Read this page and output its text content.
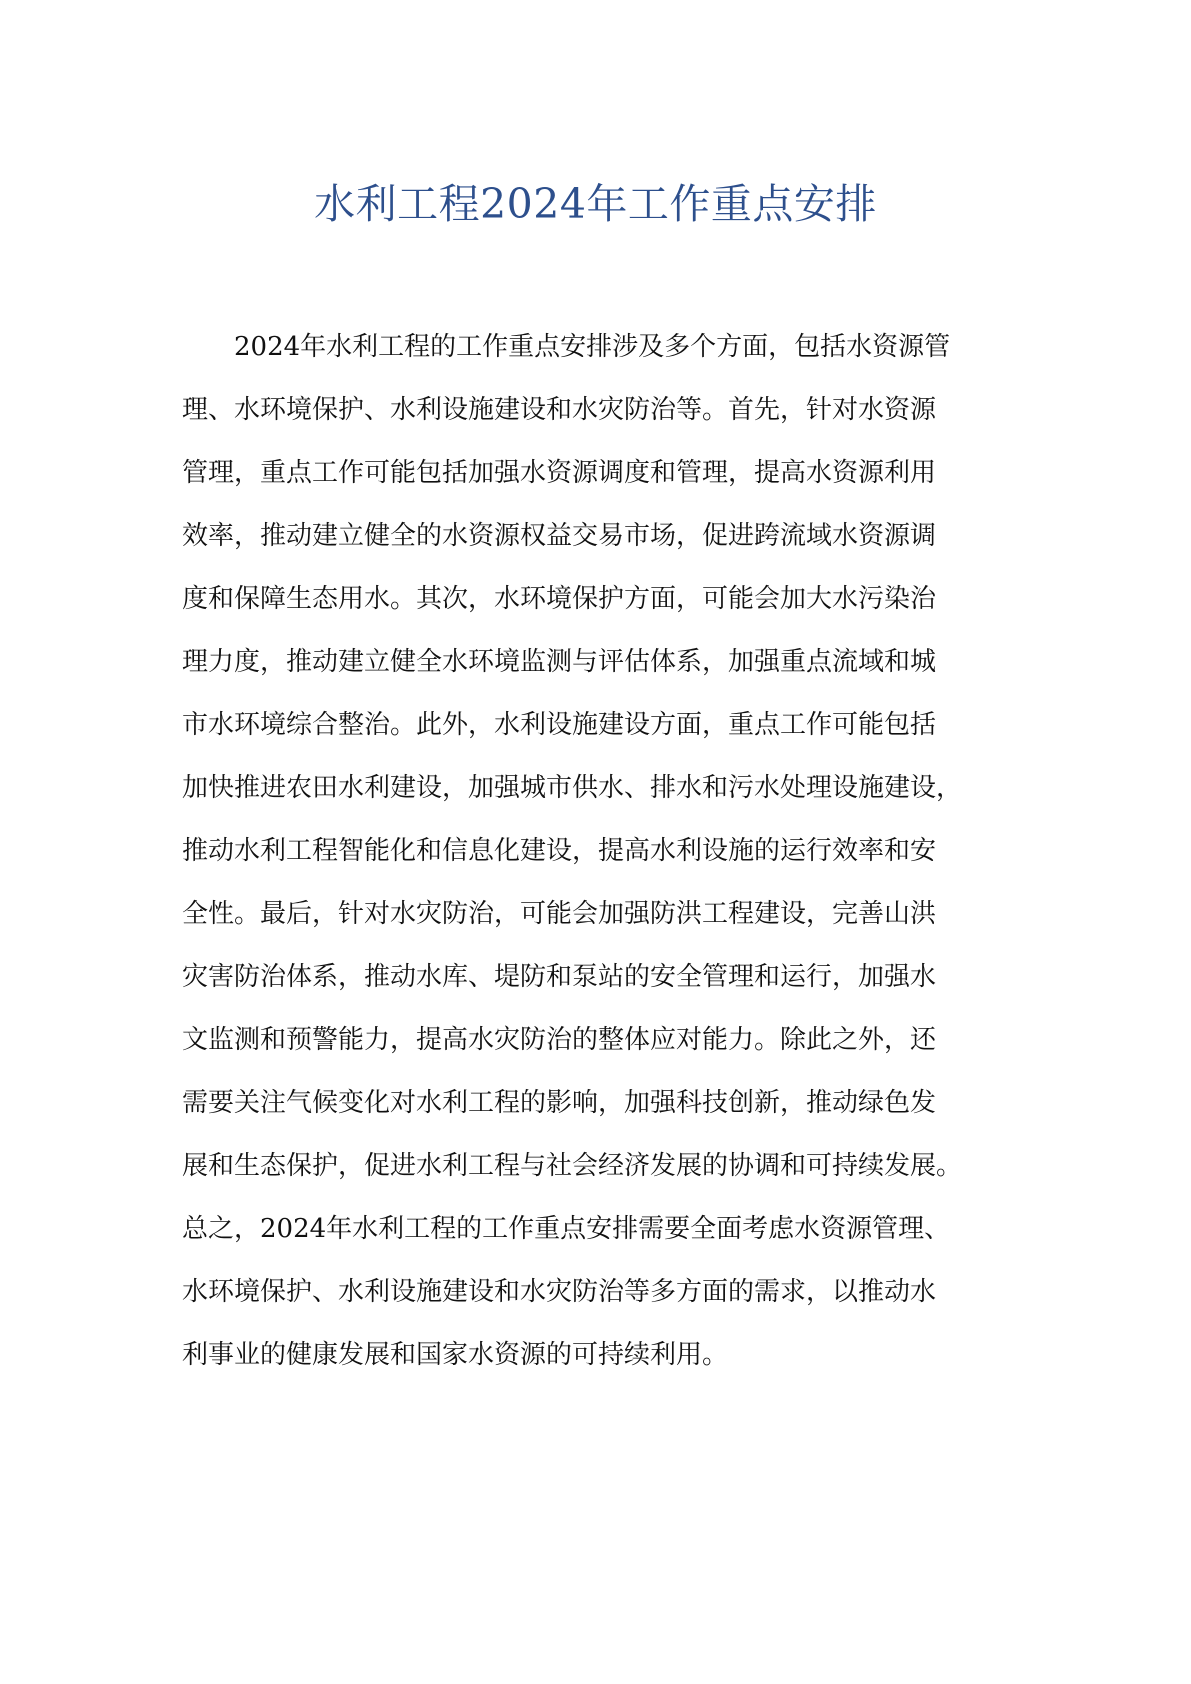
水利工程2024年工作重点安排
2024年水利工程的工作重点安排涉及多个方面，包括水资源管
理、水环境保护、水利设施建设和水灾防治等。首先，针对水资源
管理，重点工作可能包括加强水资源调度和管理，提高水资源利用
效率，推动建立健全的水资源权益交易市场，促进跨流域水资源调
度和保障生态用水。其次，水环境保护方面，可能会加大水污染治
理力度，推动建立健全水环境监测与评估体系，加强重点流域和城
市水环境综合整治。此外，水利设施建设方面，重点工作可能包括
加快推进农田水利建设，加强城市供水、排水和污水处理设施建设，
推动水利工程智能化和信息化建设，提高水利设施的运行效率和安
全性。最后，针对水灾防治，可能会加强防洪工程建设，完善山洪
灾害防治体系，推动水库、堤防和泵站的安全管理和运行，加强水
文监测和预警能力，提高水灾防治的整体应对能力。除此之外，还
需要关注气候变化对水利工程的影响，加强科技创新，推动绿色发
展和生态保护，促进水利工程与社会经济发展的协调和可持续发展。
总之，2024年水利工程的工作重点安排需要全面考虑水资源管理、
水环境保护、水利设施建设和水灾防治等多方面的需求，以推动水
利事业的健康发展和国家水资源的可持续利用。
